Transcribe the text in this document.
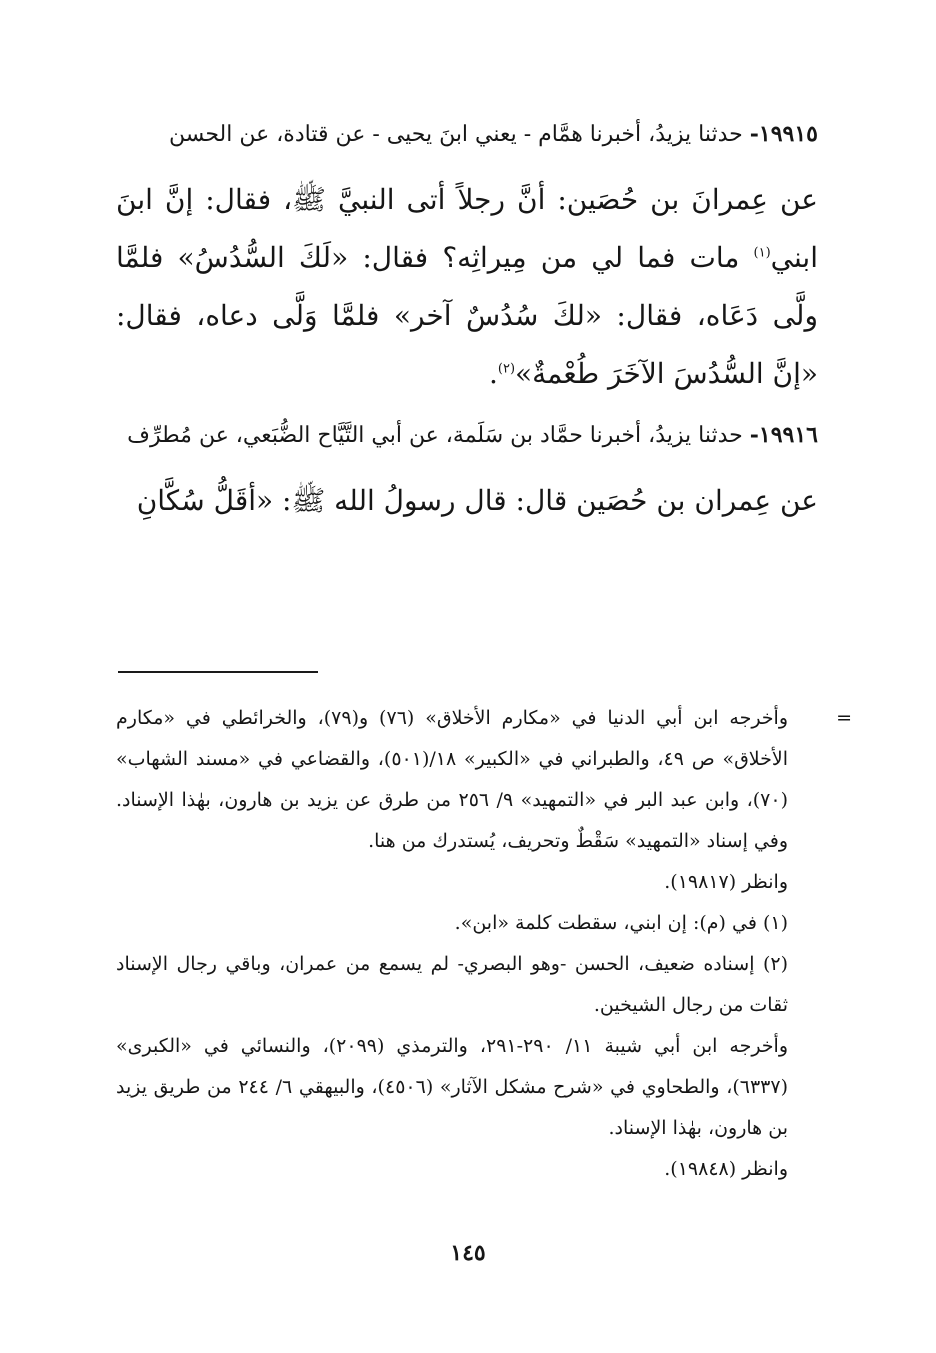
١٩٩١٥- حدثنا يزيدُ، أخبرنا همَّام - يعني ابنَ يحيى - عن قتادة، عن الحسن

عن عِمرانَ بن حُصَين: أنَّ رجلاً أتى النبيَّ ﷺ، فقال: إنَّ ابنَ ابني$^{(١)}$ مات فما لي من مِيراثِه؟ فقال: «لَكَ السُّدُسُ» فلمَّا ولَّى دَعَاه، فقال: «لكَ سُدُسٌ آخر» فلمَّا وَلَّى دعاه، فقال: «إنَّ السُّدُسَ الآخَرَ طُعْمةٌ»$^{(٢)}$.

١٩٩١٦- حدثنا يزيدُ، أخبرنا حمَّاد بن سَلَمة، عن أبي التَّيَّاح الضُّبَعي، عن مُطرِّف

عن عِمران بن حُصَين قال: قال رسولُ الله ﷺ: «أقَلُّ سُكَّانِ

=
وأخرجه ابن أبي الدنيا في «مكارم الأخلاق» (٧٦) و(٧٩)، والخرائطي في «مكارم الأخلاق» ص ٤٩، والطبراني في «الكبير» ١٨/(٥٠١)، والقضاعي في «مسند الشهاب» (٧٠)، وابن عبد البر في «التمهيد» ٩/ ٢٥٦ من طرق عن يزيد بن هارون، بهٰذا الإسناد. وفي إسناد «التمهيد» سَقْطٌ وتحريف، يُستدرك من هنا.

وانظر (١٩٨١٧).

(١) في (م): إن ابني، سقطت كلمة «ابن».

(٢) إسناده ضعيف، الحسن -وهو البصري- لم يسمع من عمران، وباقي رجال الإسناد ثقات من رجال الشيخين.

وأخرجه ابن أبي شيبة ١١/ ٢٩٠-٢٩١، والترمذي (٢٠٩٩)، والنسائي في «الكبرى» (٦٣٣٧)، والطحاوي في «شرح مشكل الآثار» (٤٥٠٦)، والبيهقي ٦/ ٢٤٤ من طريق يزيد بن هارون، بهٰذا الإسناد.

وانظر (١٩٨٤٨).

١٤٥
